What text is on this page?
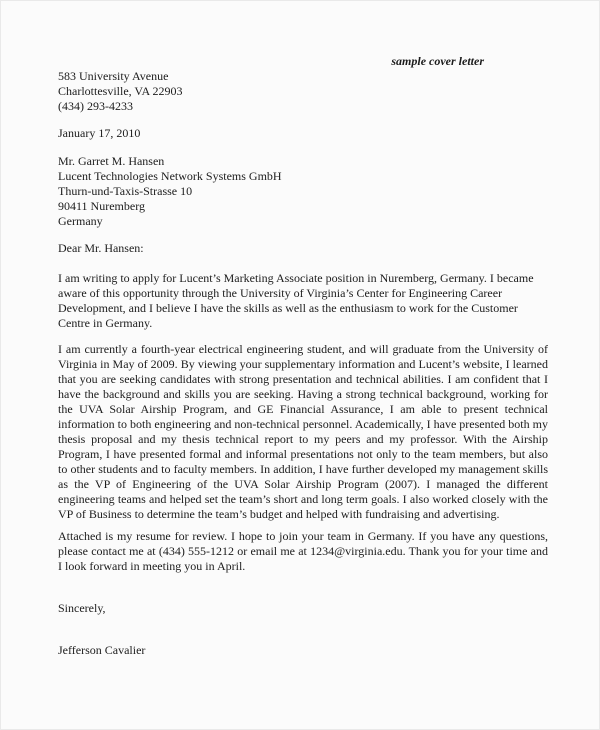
sample cover letter
583 University Avenue
Charlottesville, VA 22903
(434) 293-4233
January 17, 2010
Mr. Garret M. Hansen
Lucent Technologies Network Systems GmbH
Thurn-und-Taxis-Strasse 10
90411 Nuremberg
Germany
Dear Mr. Hansen:

I am writing to apply for Lucent’s Marketing Associate position in Nuremberg, Germany. I became aware of this opportunity through the University of Virginia’s Center for Engineering Career Development, and I believe I have the skills as well as the enthusiasm to work for the Customer Centre in Germany.

I am currently a fourth-year electrical engineering student, and will graduate from the University of Virginia in May of 2009. By viewing your supplementary information and Lucent’s website, I learned that you are seeking candidates with strong presentation and technical abilities. I am confident that I have the background and skills you are seeking. Having a strong technical background, working for the UVA Solar Airship Program, and GE Financial Assurance, I am able to present technical information to both engineering and non-technical personnel. Academically, I have presented both my thesis proposal and my thesis technical report to my peers and my professor. With the Airship Program, I have presented formal and informal presentations not only to the team members, but also to other students and to faculty members. In addition, I have further developed my management skills as the VP of Engineering of the UVA Solar Airship Program (2007). I managed the different engineering teams and helped set the team’s short and long term goals. I also worked closely with the VP of Business to determine the team’s budget and helped with fundraising and advertising.

Attached is my resume for review. I hope to join your team in Germany. If you have any questions, please contact me at (434) 555-1212 or email me at 1234@virginia.edu. Thank you for your time and I look forward in meeting you in April.

Sincerely,
Jefferson Cavalier
